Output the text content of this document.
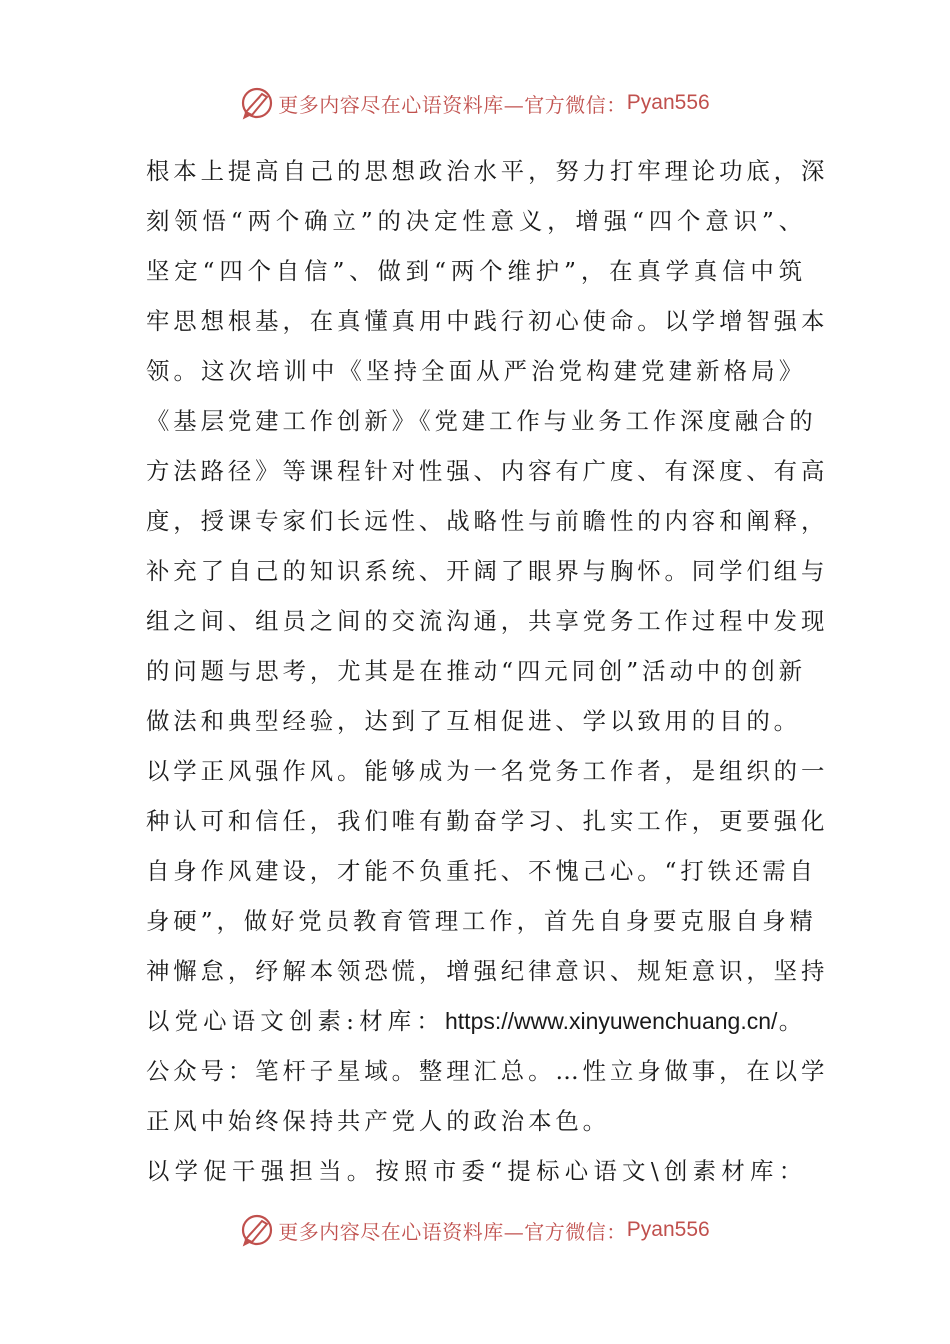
更多内容尽在心语资料库—官方微信： Pyan556
根本上提高自己的思想政治水平，努力打牢理论功底，深
刻领悟“两个确立”的决定性意义，增强“四个意识”、
坚定“四个自信”、做到“两个维护”，在真学真信中筑
牢思想根基，在真懂真用中践行初心使命。以学增智强本
领。这次培训中《坚持全面从严治党构建党建新格局》
《基层党建工作创新》《党建工作与业务工作深度融合的
方法路径》等课程针对性强、内容有广度、有深度、有高
度，授课专家们长远性、战略性与前瞻性的内容和阐释，
补充了自己的知识系统、开阔了眼界与胸怀。同学们组与
组之间、组员之间的交流沟通，共享党务工作过程中发现
的问题与思考，尤其是在推动“四元同创”活动中的创新
做法和典型经验，达到了互相促进、学以致用的目的。
以学正风强作风。能够成为一名党务工作者，是组织的一
种认可和信任，我们唯有勤奋学习、扎实工作，更要强化
自身作风建设，才能不负重托、不愧己心。“打铁还需自
身硬”，做好党员教育管理工作，首先自身要克服自身精
神懈怠，纾解本领恐慌，增强纪律意识、规矩意识，坚持
以党心语文创素:材库：https://www.xinyuwenchuang.cn/。
公众号：笔杆子星域。整理汇总。…性立身做事，在以学
正风中始终保持共产党人的政治本色。
以学促干强担当。按照市委“提标心语文\创素材库：
更多内容尽在心语资料库—官方微信： Pyan556
